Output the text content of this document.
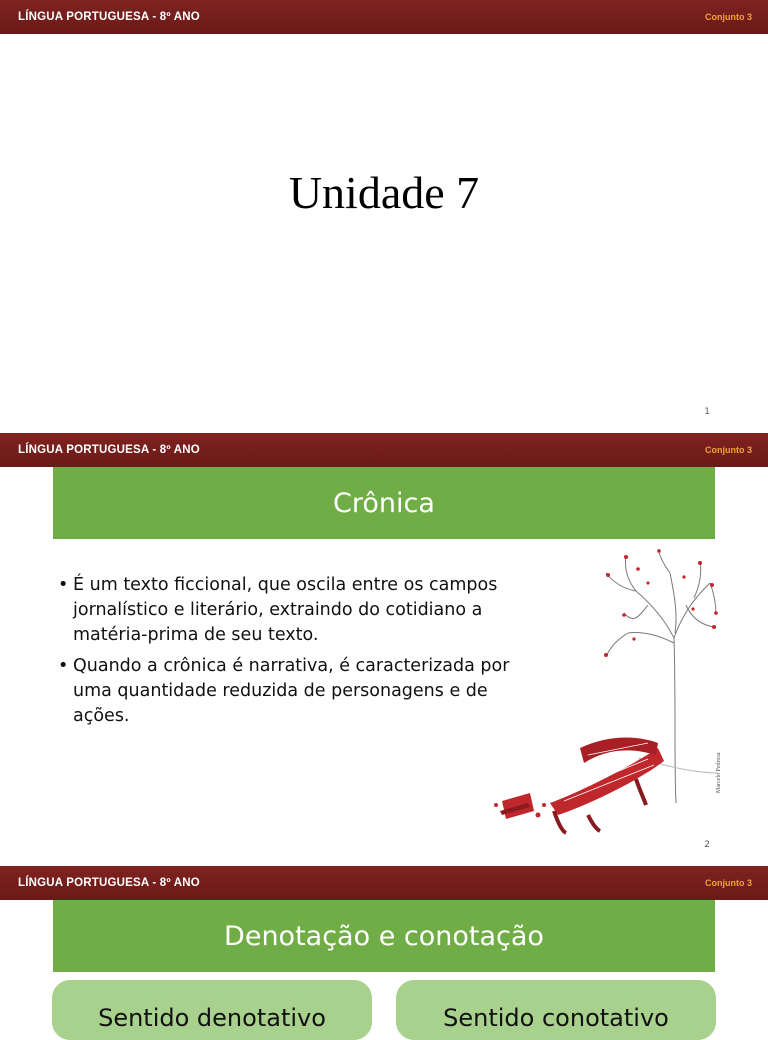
LÍNGUA PORTUGUESA - 8º ANO	Conjunto 3
Unidade 7
1
LÍNGUA PORTUGUESA - 8º ANO	Conjunto 3
Crônica
• É um texto ficcional, que oscila entre os campos jornalístico e literário, extraindo do cotidiano a matéria-prima de seu texto.
• Quando a crônica é narrativa, é caracterizada por uma quantidade reduzida de personagens e de ações.
Marcelo Pedrosa
2
LÍNGUA PORTUGUESA - 8º ANO	Conjunto 3
Denotação e conotação
Sentido denotativo	Sentido conotativo
